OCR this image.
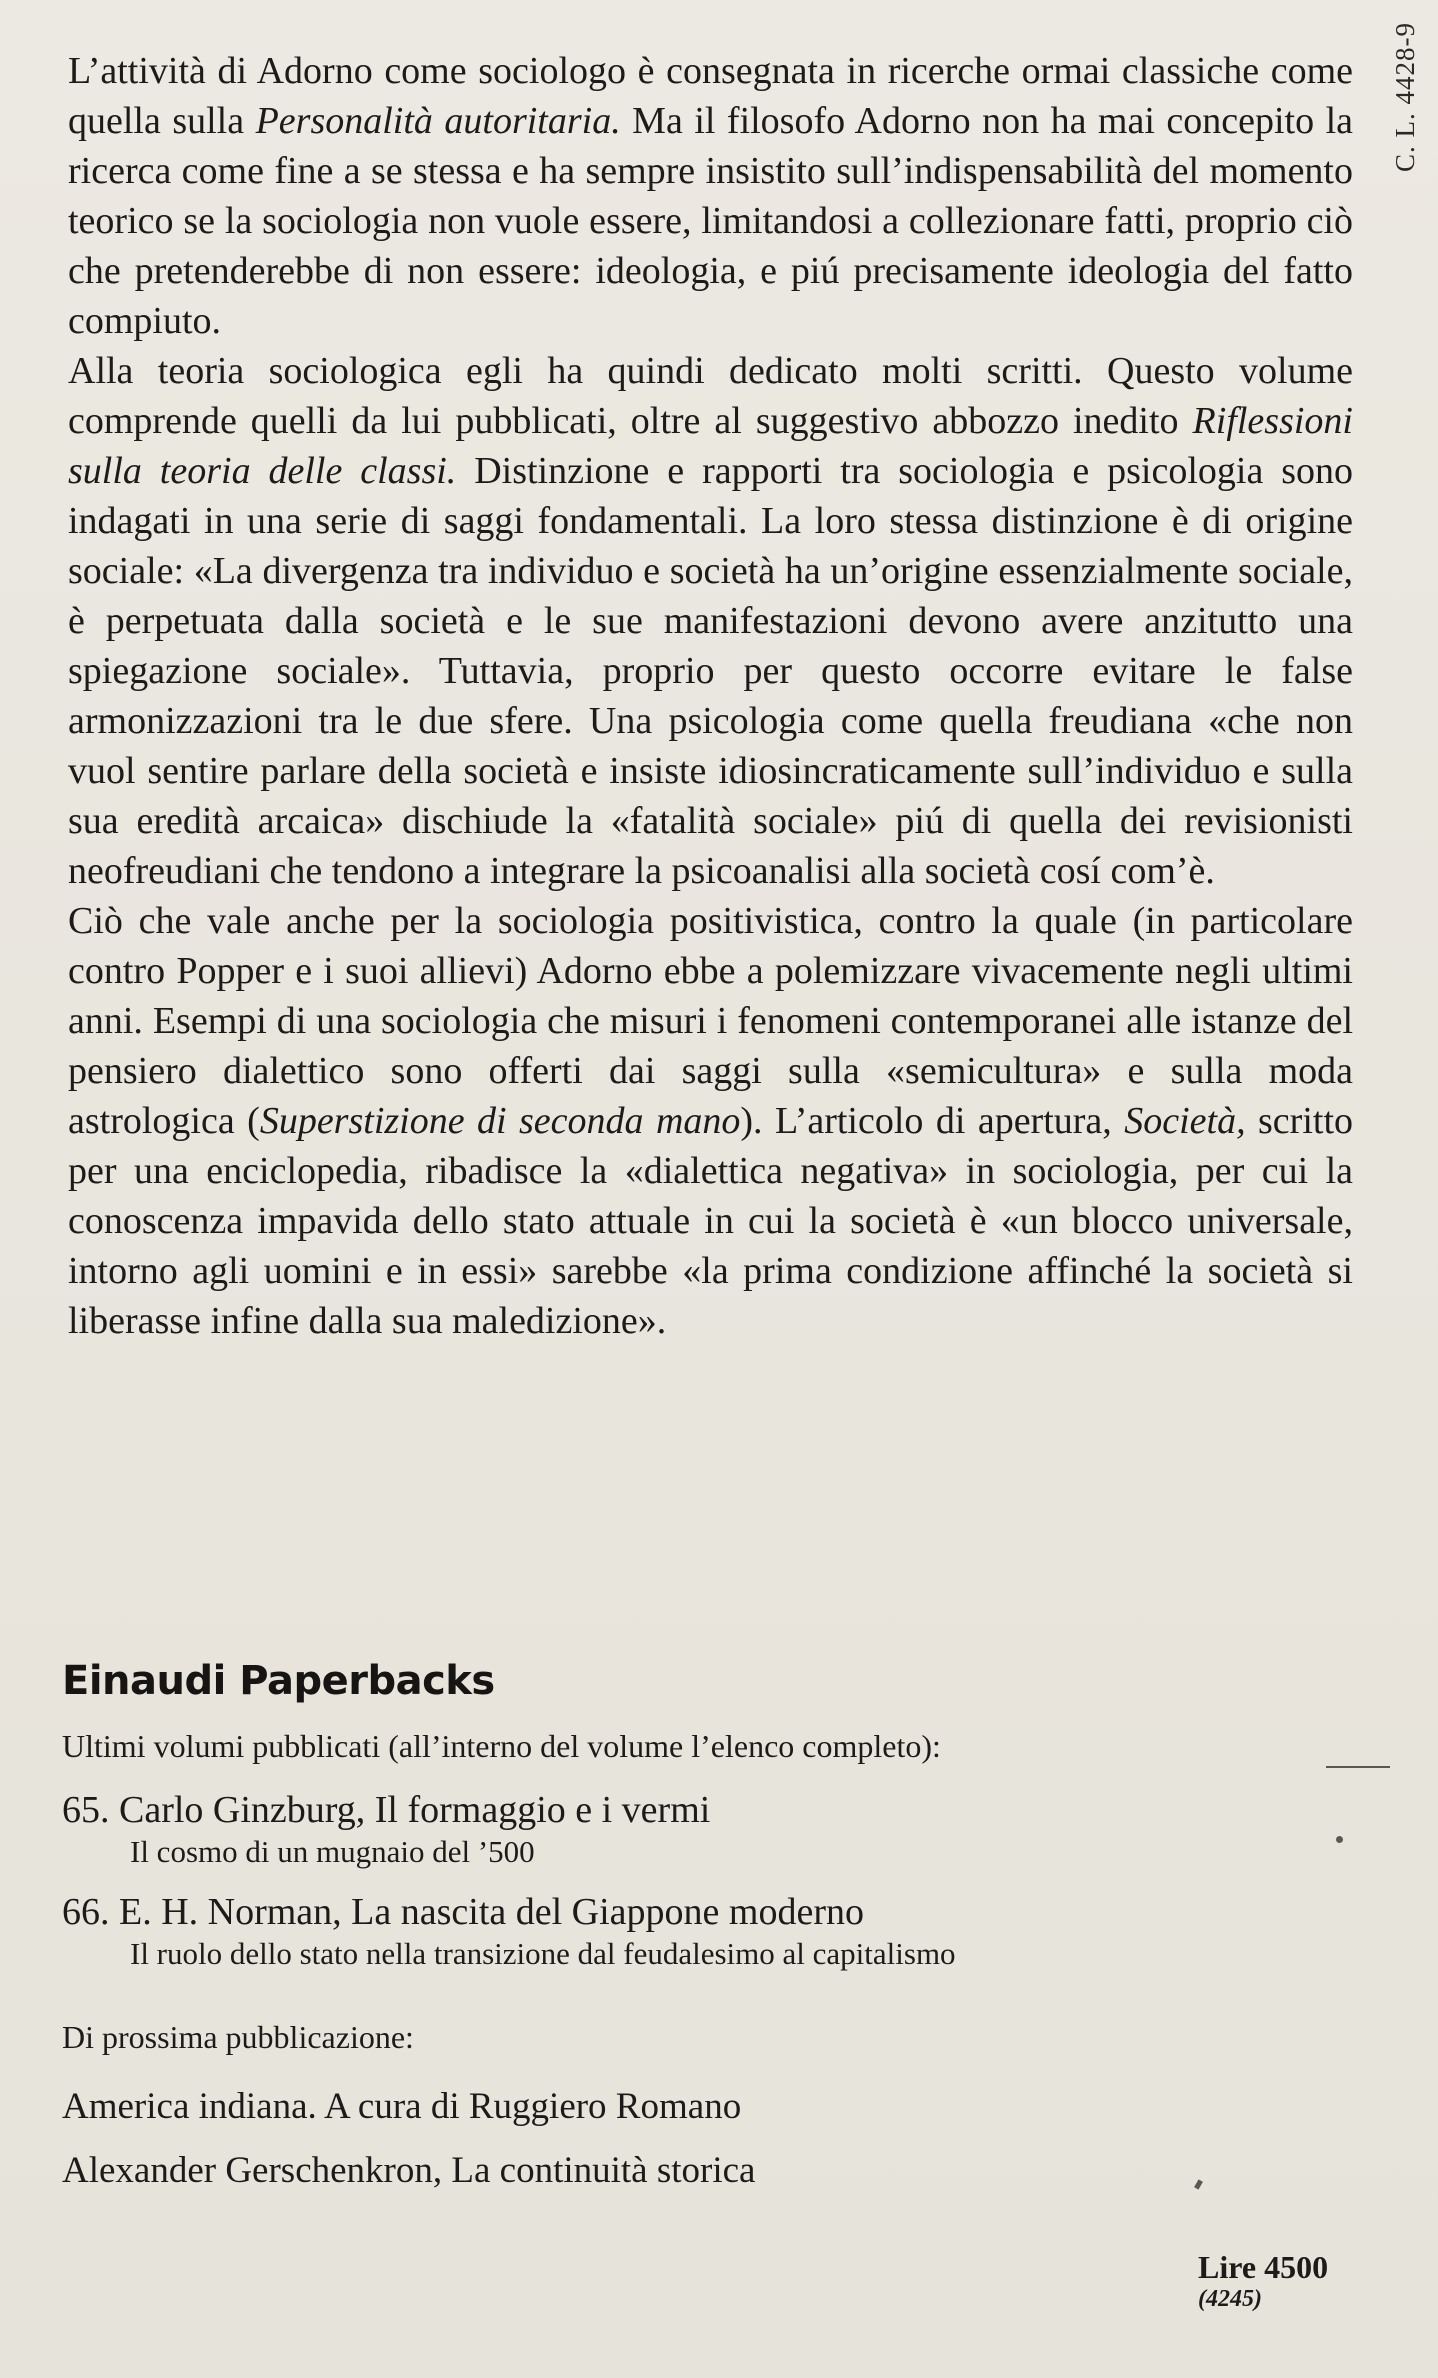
C. L. 4428-9

L’attività di Adorno come sociologo è consegnata in ricerche ormai classiche come quella sulla Personalità autoritaria. Ma il filosofo Adorno non ha mai concepito la ricerca come fine a se stessa e ha sempre insistito sull’indispensabilità del momento teorico se la sociologia non vuole essere, limitandosi a collezionare fatti, proprio ciò che pretenderebbe di non essere: ideologia, e piú precisamente ideologia del fatto compiuto.

Alla teoria sociologica egli ha quindi dedicato molti scritti. Questo volume comprende quelli da lui pubblicati, oltre al suggestivo abbozzo inedito Riflessioni sulla teoria delle classi. Distinzione e rapporti tra sociologia e psicologia sono indagati in una serie di saggi fondamentali. La loro stessa distinzione è di origine sociale: «La divergenza tra individuo e società ha un’origine essenzialmente sociale, è perpetuata dalla società e le sue manifestazioni devono avere anzitutto una spiegazione sociale». Tuttavia, proprio per questo occorre evitare le false armonizzazioni tra le due sfere. Una psicologia come quella freudiana «che non vuol sentire parlare della società e insiste idiosincraticamente sull’individuo e sulla sua eredità arcaica» dischiude la «fatalità sociale» piú di quella dei revisionisti neofreudiani che tendono a integrare la psicoanalisi alla società cosí com’è.

Ciò che vale anche per la sociologia positivistica, contro la quale (in particolare contro Popper e i suoi allievi) Adorno ebbe a polemizzare vivacemente negli ultimi anni. Esempi di una sociologia che misuri i fenomeni contemporanei alle istanze del pensiero dialettico sono offerti dai saggi sulla «semicultura» e sulla moda astrologica (Superstizione di seconda mano). L’articolo di apertura, Società, scritto per una enciclopedia, ribadisce la «dialettica negativa» in sociologia, per cui la conoscenza impavida dello stato attuale in cui la società è «un blocco universale, intorno agli uomini e in essi» sarebbe «la prima condizione affinché la società si liberasse infine dalla sua maledizione».

Einaudi Paperbacks
Ultimi volumi pubblicati (all’interno del volume l’elenco completo):
65. Carlo Ginzburg, Il formaggio e i vermi
Il cosmo di un mugnaio del ’500
66. E. H. Norman, La nascita del Giappone moderno
Il ruolo dello stato nella transizione dal feudalesimo al capitalismo
Di prossima pubblicazione:
America indiana. A cura di Ruggiero Romano
Alexander Gerschenkron, La continuità storica
Lire 4500
(4245)
